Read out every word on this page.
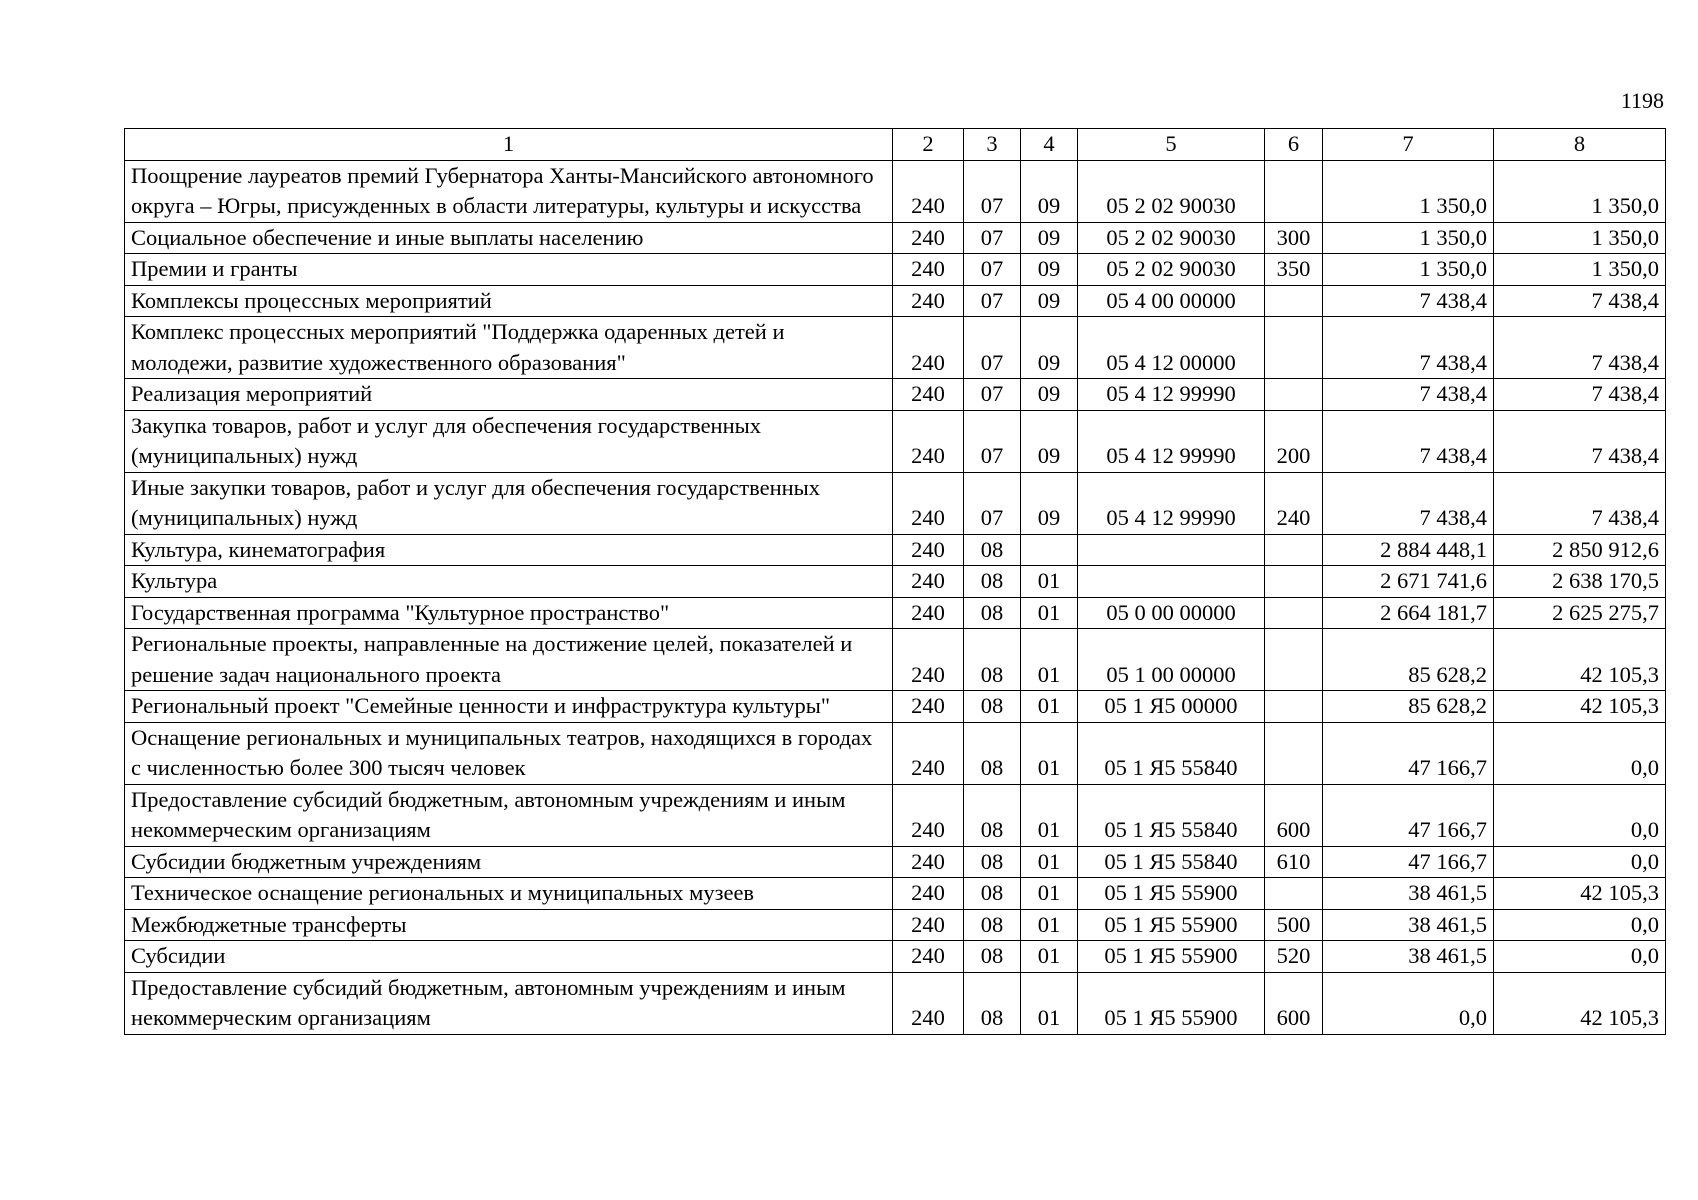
1198
1	2	3	4	5	6	7	8
Поощрение лауреатов премий Губернатора Ханты-Мансийского автономного округа – Югры, присужденных в области литературы, культуры и искусства	240	07	09	05 2 02 90030		1 350,0	1 350,0
Социальное обеспечение и иные выплаты населению	240	07	09	05 2 02 90030	300	1 350,0	1 350,0
Премии и гранты	240	07	09	05 2 02 90030	350	1 350,0	1 350,0
Комплексы процессных мероприятий	240	07	09	05 4 00 00000		7 438,4	7 438,4
Комплекс процессных мероприятий "Поддержка одаренных детей и молодежи, развитие художественного образования"	240	07	09	05 4 12 00000		7 438,4	7 438,4
Реализация мероприятий	240	07	09	05 4 12 99990		7 438,4	7 438,4
Закупка товаров, работ и услуг для обеспечения государственных (муниципальных) нужд	240	07	09	05 4 12 99990	200	7 438,4	7 438,4
Иные закупки товаров, работ и услуг для обеспечения государственных (муниципальных) нужд	240	07	09	05 4 12 99990	240	7 438,4	7 438,4
Культура, кинематография	240	08				2 884 448,1	2 850 912,6
Культура	240	08	01			2 671 741,6	2 638 170,5
Государственная программа "Культурное пространство"	240	08	01	05 0 00 00000		2 664 181,7	2 625 275,7
Региональные проекты, направленные на достижение целей, показателей и решение задач национального проекта	240	08	01	05 1 00 00000		85 628,2	42 105,3
Региональный проект "Семейные ценности и инфраструктура культуры"	240	08	01	05 1 Я5 00000		85 628,2	42 105,3
Оснащение региональных и муниципальных театров, находящихся в городах с численностью более 300 тысяч человек	240	08	01	05 1 Я5 55840		47 166,7	0,0
Предоставление субсидий бюджетным, автономным учреждениям и иным некоммерческим организациям	240	08	01	05 1 Я5 55840	600	47 166,7	0,0
Субсидии бюджетным учреждениям	240	08	01	05 1 Я5 55840	610	47 166,7	0,0
Техническое оснащение региональных и муниципальных музеев	240	08	01	05 1 Я5 55900		38 461,5	42 105,3
Межбюджетные трансферты	240	08	01	05 1 Я5 55900	500	38 461,5	0,0
Субсидии	240	08	01	05 1 Я5 55900	520	38 461,5	0,0
Предоставление субсидий бюджетным, автономным учреждениям и иным некоммерческим организациям	240	08	01	05 1 Я5 55900	600	0,0	42 105,3
